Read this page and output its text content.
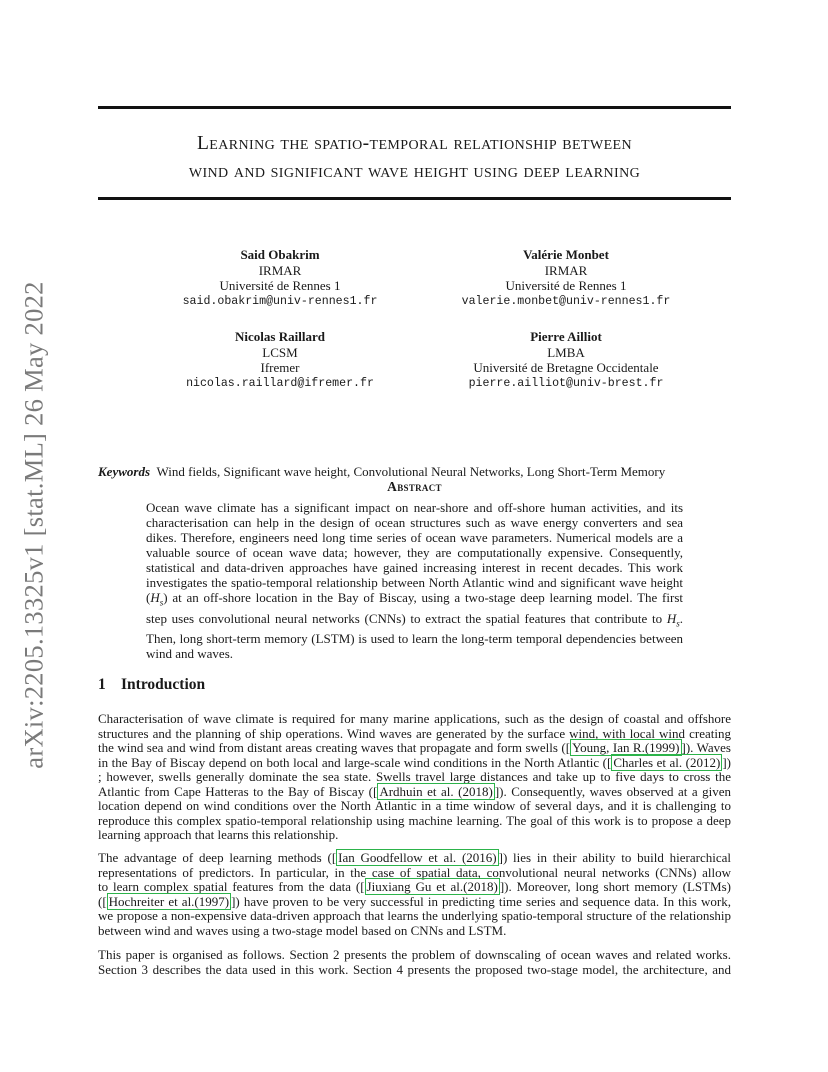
arXiv:2205.13325v1 [stat.ML] 26 May 2022
Learning the spatio-temporal relationship between
wind and significant wave height using deep learning
Said Obakrim
IRMAR
Université de Rennes 1
said.obakrim@univ-rennes1.fr
Valérie Monbet
IRMAR
Université de Rennes 1
valerie.monbet@univ-rennes1.fr
Nicolas Raillard
LCSM
Ifremer
nicolas.raillard@ifremer.fr
Pierre Ailliot
LMBA
Université de Bretagne Occidentale
pierre.ailliot@univ-brest.fr
Keywords Wind fields, Significant wave height, Convolutional Neural Networks, Long Short-Term Memory
Abstract
Ocean wave climate has a significant impact on near-shore and off-shore human activities, and its
characterisation can help in the design of ocean structures such as wave energy converters and sea
dikes. Therefore, engineers need long time series of ocean wave parameters. Numerical models are a
valuable source of ocean wave data; however, they are computationally expensive. Consequently,
statistical and data-driven approaches have gained increasing interest in recent decades. This work
investigates the spatio-temporal relationship between North Atlantic wind and significant wave height
$(H_s)$ at an off-shore location in the Bay of Biscay, using a two-stage deep learning model. The first
step uses convolutional neural networks (CNNs) to extract the spatial features that contribute to $H_s$.
Then, long short-term memory (LSTM) is used to learn the long-term temporal dependencies between
wind and waves.
1 Introduction
Characterisation of wave climate is required for many marine applications, such as the design of coastal and offshore
structures and the planning of ship operations. Wind waves are generated by the surface wind, with local wind creating
the wind sea and wind from distant areas creating waves that propagate and form swells ([ Young, Ian R.(1999) ]). Waves
in the Bay of Biscay depend on both local and large-scale wind conditions in the North Atlantic ([ Charles et al. (2012) ])
; however, swells generally dominate the sea state. Swells travel large distances and take up to five days to cross the
Atlantic from Cape Hatteras to the Bay of Biscay ([ Ardhuin et al. (2018) ]). Consequently, waves observed at a given
location depend on wind conditions over the North Atlantic in a time window of several days, and it is challenging to
reproduce this complex spatio-temporal relationship using machine learning. The goal of this work is to propose a deep
learning approach that learns this relationship.
The advantage of deep learning methods ([ Ian Goodfellow et al. (2016) ]) lies in their ability to build hierarchical
representations of predictors. In particular, in the case of spatial data, convolutional neural networks (CNNs) allow
to learn complex spatial features from the data ([ Jiuxiang Gu et al.(2018) ]). Moreover, long short memory (LSTMs)
([ Hochreiter et al.(1997) ]) have proven to be very successful in predicting time series and sequence data. In this work,
we propose a non-expensive data-driven approach that learns the underlying spatio-temporal structure of the relationship
between wind and waves using a two-stage model based on CNNs and LSTM.
This paper is organised as follows. Section 2 presents the problem of downscaling of ocean waves and related works.
Section 3 describes the data used in this work. Section 4 presents the proposed two-stage model, the architecture, and
